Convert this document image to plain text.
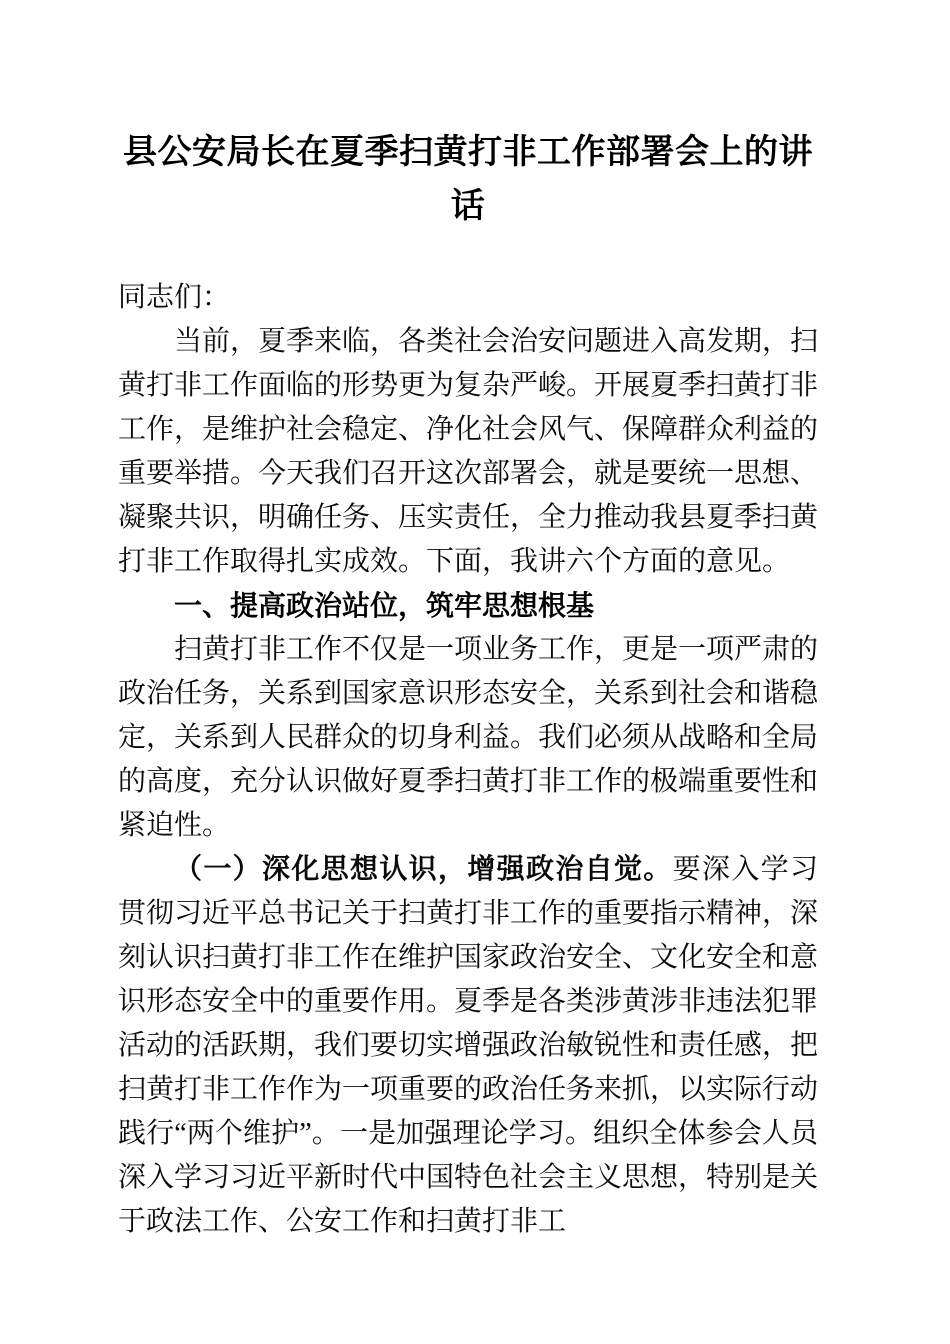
县公安局长在夏季扫黄打非工作部署会上的讲话

同志们：

当前，夏季来临，各类社会治安问题进入高发期，扫黄打非工作面临的形势更为复杂严峻。开展夏季扫黄打非工作，是维护社会稳定、净化社会风气、保障群众利益的重要举措。今天我们召开这次部署会，就是要统一思想、凝聚共识，明确任务、压实责任，全力推动我县夏季扫黄打非工作取得扎实成效。下面，我讲六个方面的意见。

一、提高政治站位，筑牢思想根基

扫黄打非工作不仅是一项业务工作，更是一项严肃的政治任务，关系到国家意识形态安全，关系到社会和谐稳定，关系到人民群众的切身利益。我们必须从战略和全局的高度，充分认识做好夏季扫黄打非工作的极端重要性和紧迫性。

（一）深化思想认识，增强政治自觉。要深入学习贯彻习近平总书记关于扫黄打非工作的重要指示精神，深刻认识扫黄打非工作在维护国家政治安全、文化安全和意识形态安全中的重要作用。夏季是各类涉黄涉非违法犯罪活动的活跃期，我们要切实增强政治敏锐性和责任感，把扫黄打非工作作为一项重要的政治任务来抓，以实际行动践行“两个维护”。一是加强理论学习。组织全体参会人员深入学习习近平新时代中国特色社会主义思想，特别是关于政法工作、公安工作和扫黄打非工
